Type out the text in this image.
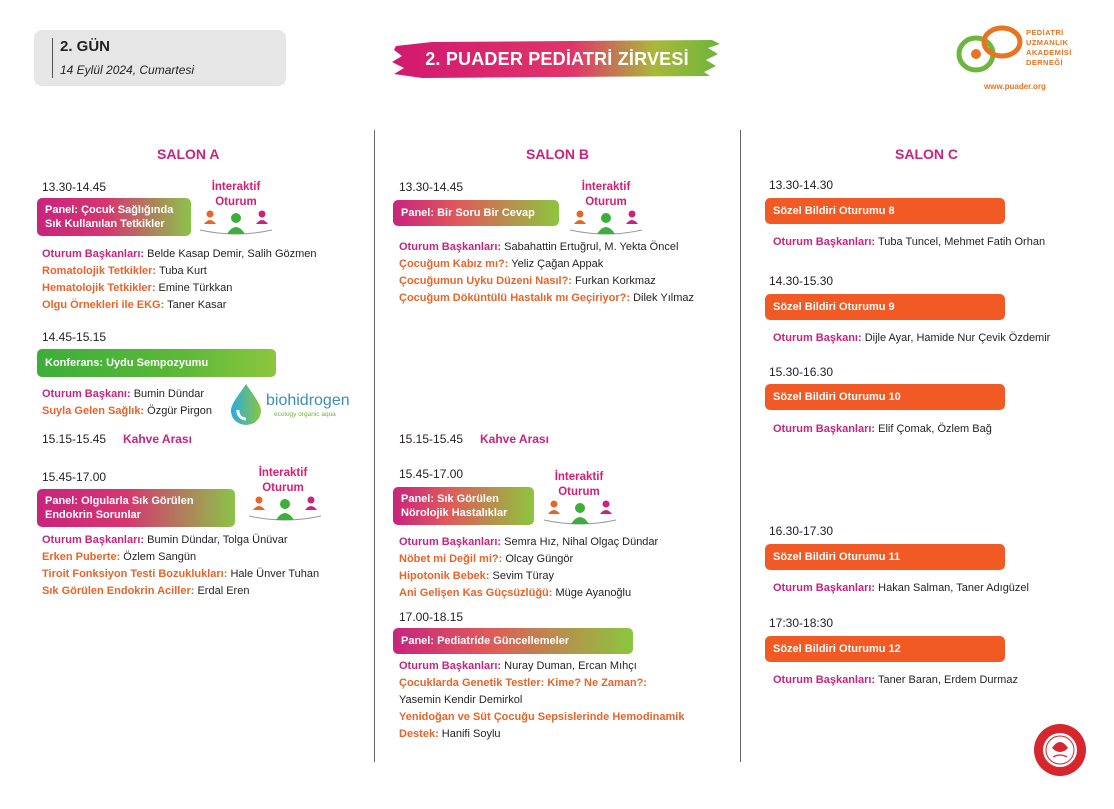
2. GÜN
14 Eylül 2024, Cumartesi
2. PUADER PEDİATRİ ZİRVESİ
PEDİATRİ
UZMANLIK
AKADEMİSİ
DERNEĞİ
www.puader.org
SALON A
13.30-14.45
Panel: Çocuk Sağlığında
Sık Kullanılan Tetkikler
İnteraktif
Oturum
Oturum Başkanları: Belde Kasap Demir, Salih Gözmen
Romatolojik Tetkikler: Tuba Kurt
Hematolojik Tetkikler: Emine Türkkan
Olgu Örnekleri ile EKG: Taner Kasar
14.45-15.15
Konferans: Uydu Sempozyumu
Oturum Başkanı: Bumin Dündar
Suyla Gelen Sağlık: Özgür Pirgon
biohidrogen
ecology organic aqua
15.15-15.45 Kahve Arası
15.45-17.00
Panel: Olgularla Sık Görülen
Endokrin Sorunlar
İnteraktif
Oturum
Oturum Başkanları: Bumin Dündar, Tolga Ünüvar
Erken Puberte: Özlem Sangün
Tiroit Fonksiyon Testi Bozuklukları: Hale Ünver Tuhan
Sık Görülen Endokrin Aciller: Erdal Eren
SALON B
13.30-14.45
Panel: Bir Soru Bir Cevap
İnteraktif
Oturum
Oturum Başkanları: Sabahattin Ertuğrul, M. Yekta Öncel
Çocuğum Kabız mı?: Yeliz Çağan Appak
Çocuğumun Uyku Düzeni Nasıl?: Furkan Korkmaz
Çocuğum Döküntülü Hastalık mı Geçiriyor?: Dilek Yılmaz
15.15-15.45 Kahve Arası
15.45-17.00
Panel: Sık Görülen
Nörolojik Hastalıklar
İnteraktif
Oturum
Oturum Başkanları: Semra Hız, Nihal Olgaç Dündar
Nöbet mi Değil mi?: Olcay Güngör
Hipotonik Bebek: Sevim Türay
Ani Gelişen Kas Güçsüzlüğü: Müge Ayanoğlu
17.00-18.15
Panel: Pediatride Güncellemeler
Oturum Başkanları: Nuray Duman, Ercan Mıhçı
Çocuklarda Genetik Testler: Kime? Ne Zaman?:
Yasemin Kendir Demirkol
Yenidoğan ve Süt Çocuğu Sepsislerinde Hemodinamik
Destek: Hanifi Soylu
SALON C
13.30-14.30
Sözel Bildiri Oturumu 8
Oturum Başkanları: Tuba Tuncel, Mehmet Fatih Orhan
14.30-15.30
Sözel Bildiri Oturumu 9
Oturum Başkanı: Dijle Ayar, Hamide Nur Çevik Özdemir
15.30-16.30
Sözel Bildiri Oturumu 10
Oturum Başkanları: Elif Çomak, Özlem Bağ
16.30-17.30
Sözel Bildiri Oturumu 11
Oturum Başkanları: Hakan Salman, Taner Adıgüzel
17:30-18:30
Sözel Bildiri Oturumu 12
Oturum Başkanları: Taner Baran, Erdem Durmaz
